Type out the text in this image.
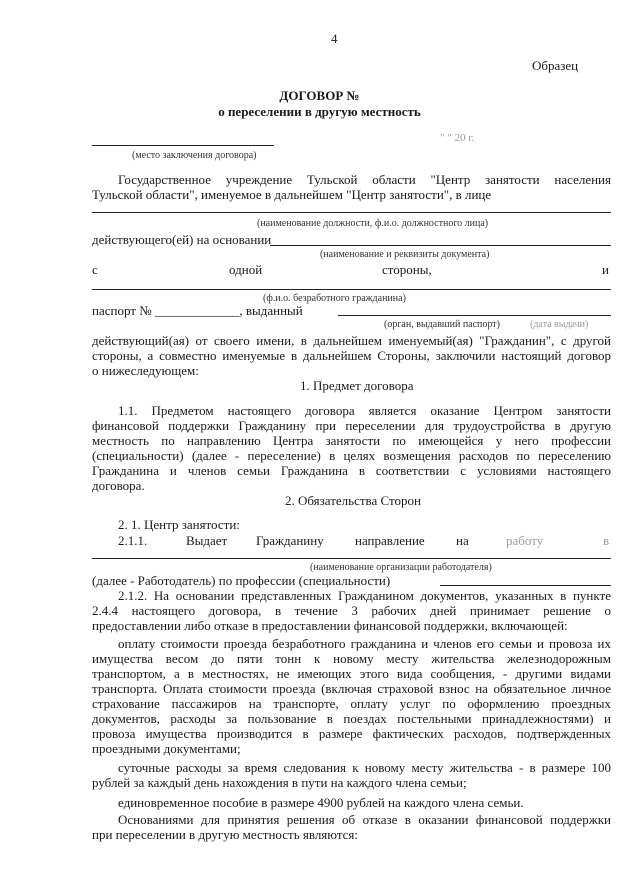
4
Образец
ДОГОВОР №
о переселении в другую местность
" " 20 г.
(место заключения договора)
Государственное учреждение Тульской области "Центр занятости населения
Тульской области", именуемое в дальнейшем "Центр занятости", в лице
(наименование должности, ф.и.о. должностного лица)
действующего(ей) на основании
(наименование и реквизиты документа)
с	одной	стороны,	и
(ф.и.о. безработного гражданина)
паспорт № _____________, выданный
(орган, выдавший паспорт)	(дата выдачи)
действующий(ая) от своего имени, в дальнейшем именуемый(ая) "Гражданин", с другой
стороны, а совместно именуемые в дальнейшем Стороны, заключили настоящий договор
о нижеследующем:
1. Предмет договора
1.1. Предметом настоящего договора является оказание Центром занятости
финансовой поддержки Гражданину при переселении для трудоустройства в другую
местность по направлению Центра занятости по имеющейся у него профессии
(специальности) (далее - переселение) в целях возмещения расходов по переселению
Гражданина и членов семьи Гражданина в соответствии с условиями настоящего
договора.
2. Обязательства Сторон
2. 1. Центр занятости:
2.1.1.	Выдает Гражданину направление на	работу	в
(наименование организации работодателя)
(далее - Работодатель) по профессии (специальности)
2.1.2. На основании представленных Гражданином документов, указанных в пункте
2.4.4 настоящего договора, в течение 3 рабочих дней принимает решение о
предоставлении либо отказе в предоставлении финансовой поддержки, включающей:
оплату стоимости проезда безработного гражданина и членов его семьи и провоза их
имущества весом до пяти тонн к новому месту жительства железнодорожным
транспортом, а в местностях, не имеющих этого вида сообщения, - другими видами
транспорта. Оплата стоимости проезда (включая страховой взнос на обязательное личное
страхование пассажиров на транспорте, оплату услуг по оформлению проездных
документов, расходы за пользование в поездах постельными принадлежностями) и
провоза имущества производится в размере фактических расходов, подтвержденных
проездными документами;
суточные расходы за время следования к новому месту жительства - в размере 100
рублей за каждый день нахождения в пути на каждого члена семьи;
единовременное пособие в размере 4900 рублей на каждого члена семьи.
Основаниями для принятия решения об отказе в оказании финансовой поддержки
при переселении в другую местность являются:
